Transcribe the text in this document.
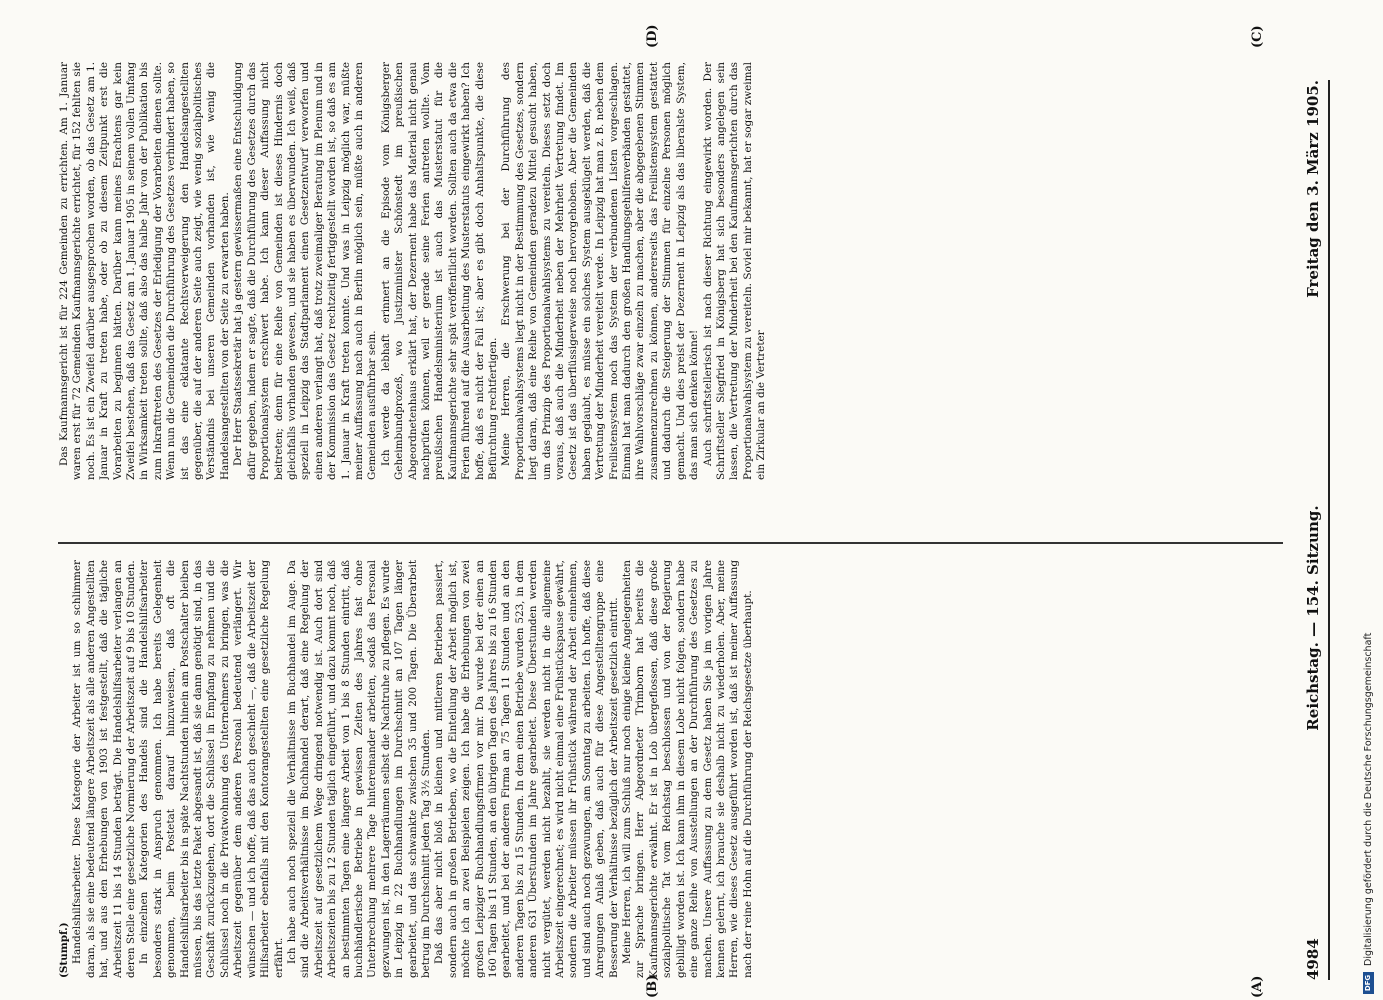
4984
Reichstag. — 154. Sitzung.
Freitag den 3. März 1905.
(A)
(B)
(C)
(D)

(Stumpf.) Handelshilfsarbeiter. Diese Kategorie der Arbeiter ist um so schlimmer daran, als sie eine bedeutend längere Arbeitszeit als alle anderen Angestellten hat, und aus den Erhebungen von 1903 ist festgestellt, daß die tägliche Arbeitszeit 11 bis 14 Stunden beträgt. Die Handelshilfsarbeiter verlangen an deren Stelle eine gesetzliche Normierung der Arbeitszeit auf 9 bis 10 Stunden. In einzelnen Kategorien des Handels sind die Handelshilfsarbeiter besonders stark in Anspruch genommen. Ich habe bereits Gelegenheit genommen, beim Postetat darauf hinzuweisen, daß oft die Handelshilfsarbeiter bis in späte Nachtstunden hinein am Postschalter bleiben müssen, bis das letzte Paket abgesandt ist, daß sie dann genötigt sind, in das Geschäft zurückzugehen, dort die Schlüssel in Empfang zu nehmen und die Schlüssel noch in die Privatwohnung des Unternehmers zu bringen, was die Arbeitszeit gegenüber dem anderen Personal bedeutend verlängert. Wir wünschen — und ich hoffe, daß das auch geschieht —, daß die Arbeitszeit der Hilfsarbeiter ebenfalls mit den Kontorangestellten eine gesetzliche Regelung erfährt. Ich habe auch noch speziell die Verhältnisse im Buchhandel im Auge. Da sind die Arbeitsverhältnisse im Buchhandel derart, daß eine Regelung der Arbeitszeit auf gesetzlichem Wege dringend notwendig ist. Auch dort sind Arbeitszeiten bis zu 12 Stunden täglich eingeführt, und dazu kommt noch, daß an bestimmten Tagen eine längere Arbeit von 1 bis 8 Stunden eintritt, daß buchhändlerische Betriebe in gewissen Zeiten des Jahres fast ohne Unterbrechung mehrere Tage hintereinander arbeiten, sodaß das Personal gezwungen ist, in den Lagerräumen selbst die Nachtruhe zu pflegen. Es wurde in Leipzig in 22 Buchhandlungen im Durchschnitt an 107 Tagen länger gearbeitet, und das schwankte zwischen 35 und 200 Tagen. Die Überarbeit betrug im Durchschnitt jeden Tag 3½ Stunden. Daß das aber nicht bloß in kleinen und mittleren Betrieben passiert, sondern auch in großen Betrieben, wo die Einteilung der Arbeit möglich ist, möchte ich an zwei Beispielen zeigen. Ich habe die Erhebungen von zwei großen Leipziger Buchhandlungsfirmen vor mir. Da wurde bei der einen an 160 Tagen bis 11 Stunden, an den übrigen Tagen des Jahres bis zu 16 Stunden gearbeitet, und bei der anderen Firma an 75 Tagen 11 Stunden und an den anderen Tagen bis zu 15 Stunden. In dem einen Betriebe wurden 523, in dem anderen 631 Überstunden im Jahre gearbeitet. Diese Überstunden werden nicht vergütet, werden nicht bezahlt, sie werden nicht in die allgemeine Arbeitszeit eingerechnet; es wird nicht einmal eine Frühstückspause gewährt, sondern die Arbeiter müssen ihr Frühstück während der Arbeit einnehmen, und sind auch noch gezwungen, am Sonntag zu arbeiten. Ich hoffe, daß diese Anregungen Anlaß geben, daß auch für diese Angestelltengruppe eine Besserung der Verhältnisse bezüglich der Arbeitszeit gesetzlich eintritt. Meine Herren, ich will zum Schluß nur noch einige kleine Angelegenheiten zur Sprache bringen. Herr Abgeordneter Trimborn hat bereits die Kaufmannsgerichte erwähnt. Er ist in Lob übergeflossen, daß diese große sozialpolitische Tat vom Reichstag beschlossen und von der Regierung gebilligt worden ist. Ich kann ihm in diesem Lobe nicht folgen, sondern habe eine ganze Reihe von Ausstellungen an der Durchführung des Gesetzes zu machen. Unsere Auffassung zu dem Gesetz haben Sie ja im vorigen Jahre kennen gelernt, ich brauche sie deshalb nicht zu wiederholen. Aber, meine Herren, wie dieses Gesetz ausgeführt worden ist, daß ist meiner Auffassung nach der reine Hohn auf die Durchführung der Reichsgesetze überhaupt.

Das Kaufmannsgericht ist für 224 Gemeinden zu errichten. Am 1. Januar waren erst für 72 Gemeinden Kaufmannsgerichte errichtet, für 152 fehlten sie noch. Es ist ein Zweifel darüber ausgesprochen worden, ob das Gesetz am 1. Januar in Kraft zu treten habe, oder ob zu diesem Zeitpunkt erst die Vorarbeiten zu beginnen hätten. Darüber kann meines Erachtens gar kein Zweifel bestehen, daß das Gesetz am 1. Januar 1905 in seinem vollen Umfang in Wirksamkeit treten sollte, daß also das halbe Jahr von der Publikation bis zum Inkrafttreten des Gesetzes der Erledigung der Vorarbeiten dienen sollte. Wenn nun die Gemeinden die Durchführung des Gesetzes verhindert haben, so ist das eine eklatante Rechtsverweigerung den Handelsangestellten gegenüber, die auf der anderen Seite auch zeigt, wie wenig sozialpolitisches Verständnis bei unseren Gemeinden vorhanden ist, wie wenig die Handelsangestellten von der Seite zu erwarten haben. Der Herr Staatssekretär hat ja gestern gewissermaßen eine Entschuldigung dafür gegeben, indem er sagte, daß die Durchführung des Gesetzes durch das Proportionalsystem erschwert habe. Ich kann dieser Auffassung nicht beitreten; denn für eine Reihe von Gemeinden ist dieses Hindernis doch gleichfalls vorhanden gewesen, und sie haben es überwunden. Ich weiß, daß speziell in Leipzig das Stadtparlament einen Gesetzentwurf verworfen und einen anderen verlangt hat, daß trotz zweimaliger Beratung im Plenum und in der Kommission das Gesetz rechtzeitig fertiggestellt worden ist, so daß es am 1. Januar in Kraft treten konnte. Und was in Leipzig möglich war, müßte meiner Auffassung nach auch in Berlin möglich sein, müßte auch in anderen Gemeinden ausführbar sein. Ich werde da lebhaft erinnert an die Episode vom Königsberger Geheimbundprozeß, wo Justizminister Schönstedt im preußischen Abgeordnetenhaus erklärt hat, der Dezernent habe das Material nicht genau nachprüfen können, weil er gerade seine Ferien antreten wollte. Vom preußischen Handelsministerium ist auch das Musterstatut für die Kaufmannsgerichte sehr spät veröffentlicht worden. Sollten auch da etwa die Ferien führend auf die Ausarbeitung des Musterstatuts eingewirkt haben? Ich hoffe, daß es nicht der Fall ist; aber es gibt doch Anhaltspunkte, die diese Befürchtung rechtfertigen. Meine Herren, die Erschwerung bei der Durchführung des Proportionalwahlsystems liegt nicht in der Bestimmung des Gesetzes, sondern liegt daran, daß eine Reihe von Gemeinden geradezu Mittel gesucht haben, um das Prinzip des Proportionalwahlsystems zu vereiteln. Dieses setzt doch voraus, daß auch die Minderheit neben der Mehrheit Vertretung findet. Im Gesetz ist das überflüssigerweise noch hervorgehoben. Aber die Gemeinden haben geglaubt, es müsse ein solches System ausgeklügelt werden, daß die Vertretung der Minderheit vereitelt werde. In Leipzig hat man z. B. neben dem Freilistensystem noch das System der verbundenen Listen vorgeschlagen. Einmal hat man dadurch den großen Handlungsgehilfenverbänden gestattet, ihre Wahlvorschläge zwar einzeln zu machen, aber die abgegebenen Stimmen zusammenzurechnen zu können, andererseits das Freilistensystem gestattet und dadurch die Steigerung der Stimmen für einzelne Personen möglich gemacht. Und dies preist der Dezernent in Leipzig als das liberalste System, das man sich denken könne! Auch schriftstellerisch ist nach dieser Richtung eingewirkt worden. Der Schriftsteller Siegfried in Königsberg hat sich besonders angelegen sein lassen, die Vertretung der Minderheit bei den Kaufmannsgerichten durch das Proportionalwahlsystem zu vereiteln. Soviel mir bekannt, hat er sogar zweimal ein Zirkular an die Vertreter

DFG
Digitalisierung gefördert durch die Deutsche Forschungsgemeinschaft
